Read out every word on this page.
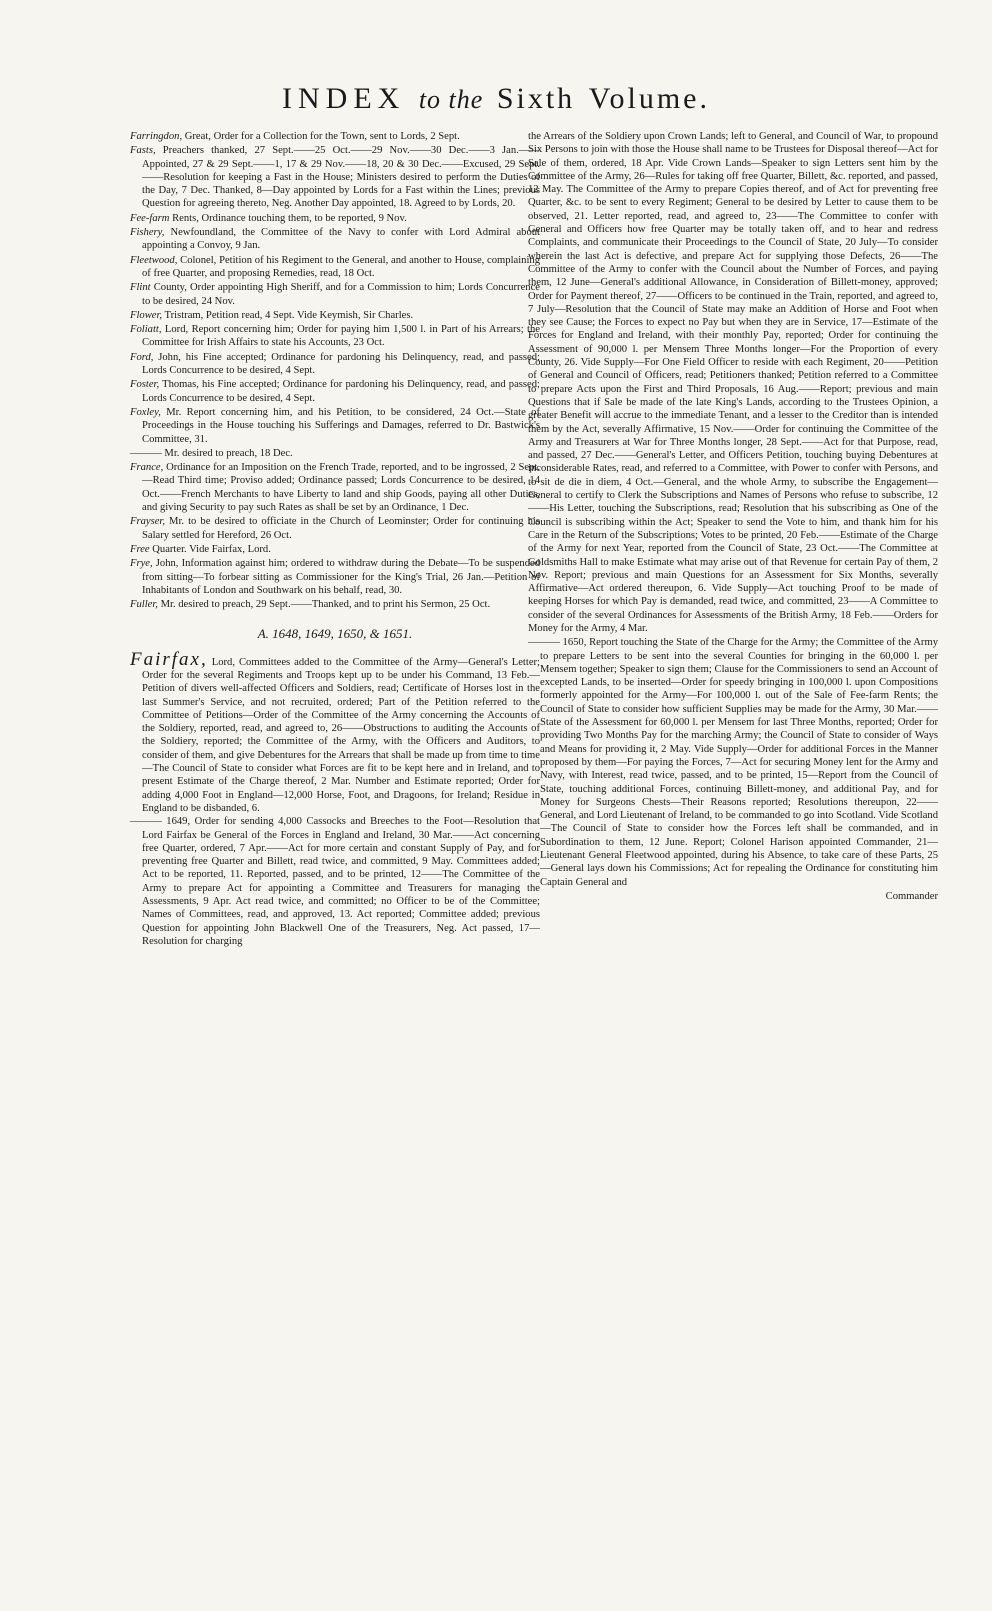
INDEX to the Sixth Volume.
Farringdon, Great, Order for a Collection for the Town, sent to Lords, 2 Sept.
Fasts, Preachers thanked, 27 Sept.——25 Oct.——29 Nov.——30 Dec.——3 Jan.——Appointed, 27 & 29 Sept.——1, 17 & 29 Nov.——18, 20 & 30 Dec.——Excused, 29 Sept.——Resolution for keeping a Fast in the House; Ministers desired to perform the Duties of the Day, 7 Dec. Thanked, 8—Day appointed by Lords for a Fast within the Lines; previous Question for agreeing thereto, Neg. Another Day appointed, 18. Agreed to by Lords, 20.
Fee-farm Rents, Ordinance touching them, to be reported, 9 Nov.
Fishery, Newfoundland, the Committee of the Navy to confer with Lord Admiral about appointing a Convoy, 9 Jan.
Fleetwood, Colonel, Petition of his Regiment to the General, and another to House, complaining of free Quarter, and proposing Remedies, read, 18 Oct.
Flint County, Order appointing High Sheriff, and for a Commission to him; Lords Concurrence to be desired, 24 Nov.
Flower, Tristram, Petition read, 4 Sept. Vide Keymish, Sir Charles.
Foliatt, Lord, Report concerning him; Order for paying him 1,500 l. in Part of his Arrears; the Committee for Irish Affairs to state his Accounts, 23 Oct.
Ford, John, his Fine accepted; Ordinance for pardoning his Delinquency, read, and passed; Lords Concurrence to be desired, 4 Sept.
Foster, Thomas, his Fine accepted; Ordinance for pardoning his Delinquency, read, and passed; Lords Concurrence to be desired, 4 Sept.
Foxley, Mr. Report concerning him, and his Petition, to be considered, 24 Oct.—State of Proceedings in the House touching his Sufferings and Damages, referred to Dr. Bastwick's Committee, 31.
——— Mr. desired to preach, 18 Dec.
France, Ordinance for an Imposition on the French Trade, reported, and to be ingrossed, 2 Sept.—Read Third time; Proviso added; Ordinance passed; Lords Concurrence to be desired, 14 Oct.——French Merchants to have Liberty to land and ship Goods, paying all other Duties, and giving Security to pay such Rates as shall be set by an Ordinance, 1 Dec.
Frayser, Mr. to be desired to officiate in the Church of Leominster; Order for continuing his Salary settled for Hereford, 26 Oct.
Free Quarter. Vide Fairfax, Lord.
Frye, John, Information against him; ordered to withdraw during the Debate—To be suspended from sitting—To forbear sitting as Commissioner for the King's Trial, 26 Jan.—Petition of Inhabitants of London and Southwark on his behalf, read, 30.
Fuller, Mr. desired to preach, 29 Sept.——Thanked, and to print his Sermon, 25 Oct.
A. 1648, 1649, 1650, & 1651.
Fairfax, Lord, Committees added to the Committee of the Army—General's Letter; Order for the several Regiments and Troops kept up to be under his Command, 13 Feb.—Petition of divers well-affected Officers and Soldiers, read; Certificate of Horses lost in the last Summer's Service, and not recruited, ordered; Part of the Petition referred to the Committee of Petitions—Order of the Committee of the Army concerning the Accounts of the Soldiery, reported, read, and agreed to, 26——Obstructions to auditing the Accounts of the Soldiery, reported; the Committee of the Army, with the Officers and Auditors, to consider of them, and give Debentures for the Arrears that shall be made up from time to time—The Council of State to consider what Forces are fit to be kept here and in Ireland, and to present Estimate of the Charge thereof, 2 Mar. Number and Estimate reported; Order for adding 4,000 Foot in England—12,000 Horse, Foot, and Dragoons, for Ireland; Residue in England to be disbanded, 6.
——— 1649, Order for sending 4,000 Cassocks and Breeches to the Foot—Resolution that Lord Fairfax be General of the Forces in England and Ireland, 30 Mar.——Act concerning free Quarter, ordered, 7 Apr.——Act for more certain and constant Supply of Pay, and for preventing free Quarter and Billett, read twice, and committed, 9 May. Committees added; Act to be reported, 11. Reported, passed, and to be printed, 12——The Committee of the Army to prepare Act for appointing a Committee and Treasurers for managing the Assessments, 9 Apr. Act read twice, and committed; no Officer to be of the Committee; Names of Committees, read, and approved, 13. Act reported; Committee added; previous Question for appointing John Blackwell One of the Treasurers, Neg. Act passed, 17—Resolution for charging
the Arrears of the Soldiery upon Crown Lands; left to General, and Council of War, to propound Six Persons to join with those the House shall name to be Trustees for Disposal thereof—Act for Sale of them, ordered, 18 Apr. Vide Crown Lands—Speaker to sign Letters sent him by the Committee of the Army, 26—Rules for taking off free Quarter, Billett, &c. reported, and passed, 12 May. The Committee of the Army to prepare Copies thereof, and of Act for preventing free Quarter, &c. to be sent to every Regiment; General to be desired by Letter to cause them to be observed, 21. Letter reported, read, and agreed to, 23——The Committee to confer with General and Officers how free Quarter may be totally taken off, and to hear and redress Complaints, and communicate their Proceedings to the Council of State, 20 July—To consider wherein the last Act is defective, and prepare Act for supplying those Defects, 26——The Committee of the Army to confer with the Council about the Number of Forces, and paying them, 12 June—General's additional Allowance, in Consideration of Billett-money, approved; Order for Payment thereof, 27——Officers to be continued in the Train, reported, and agreed to, 7 July—Resolution that the Council of State may make an Addition of Horse and Foot when they see Cause; the Forces to expect no Pay but when they are in Service, 17—Estimate of the Forces for England and Ireland, with their monthly Pay, reported; Order for continuing the Assessment of 90,000 l. per Mensem Three Months longer—For the Proportion of every County, 26. Vide Supply—For One Field Officer to reside with each Regiment, 20——Petition of General and Council of Officers, read; Petitioners thanked; Petition referred to a Committee to prepare Acts upon the First and Third Proposals, 16 Aug.——Report; previous and main Questions that if Sale be made of the late King's Lands, according to the Trustees Opinion, a greater Benefit will accrue to the immediate Tenant, and a lesser to the Creditor than is intended them by the Act, severally Affirmative, 15 Nov.——Order for continuing the Committee of the Army and Treasurers at War for Three Months longer, 28 Sept.——Act for that Purpose, read, and passed, 27 Dec.——General's Letter, and Officers Petition, touching buying Debentures at inconsiderable Rates, read, and referred to a Committee, with Power to confer with Persons, and to sit de die in diem, 4 Oct.—General, and the whole Army, to subscribe the Engagement—General to certify to Clerk the Subscriptions and Names of Persons who refuse to subscribe, 12——His Letter, touching the Subscriptions, read; Resolution that his subscribing as One of the Council is subscribing within the Act; Speaker to send the Vote to him, and thank him for his Care in the Return of the Subscriptions; Votes to be printed, 20 Feb.——Estimate of the Charge of the Army for next Year, reported from the Council of State, 23 Oct.——The Committee at Goldsmiths Hall to make Estimate what may arise out of that Revenue for certain Pay of them, 2 Nov. Report; previous and main Questions for an Assessment for Six Months, severally Affirmative—Act ordered thereupon, 6. Vide Supply—Act touching Proof to be made of keeping Horses for which Pay is demanded, read twice, and committed, 23——A Committee to consider of the several Ordinances for Assessments of the British Army, 18 Feb.——Orders for Money for the Army, 4 Mar.
——— 1650, Report touching the State of the Charge for the Army; the Committee of the Army to prepare Letters to be sent into the several Counties for bringing in the 60,000 l. per Mensem together; Speaker to sign them; Clause for the Commissioners to send an Account of excepted Lands, to be inserted—Order for speedy bringing in 100,000 l. upon Compositions formerly appointed for the Army—For 100,000 l. out of the Sale of Fee-farm Rents; the Council of State to consider how sufficient Supplies may be made for the Army, 30 Mar.——State of the Assessment for 60,000 l. per Mensem for last Three Months, reported; Order for providing Two Months Pay for the marching Army; the Council of State to consider of Ways and Means for providing it, 2 May. Vide Supply—Order for additional Forces in the Manner proposed by them—For paying the Forces, 7—Act for securing Money lent for the Army and Navy, with Interest, read twice, passed, and to be printed, 15—Report from the Council of State, touching additional Forces, continuing Billett-money, and additional Pay, and for Money for Surgeons Chests—Their Reasons reported; Resolutions thereupon, 22——General, and Lord Lieutenant of Ireland, to be commanded to go into Scotland. Vide Scotland—The Council of State to consider how the Forces left shall be commanded, and in Subordination to them, 12 June. Report; Colonel Harison appointed Commander, 21—Lieutenant General Fleetwood appointed, during his Absence, to take care of these Parts, 25—General lays down his Commissions; Act for repealing the Ordinance for constituting him Captain General and
Commander
